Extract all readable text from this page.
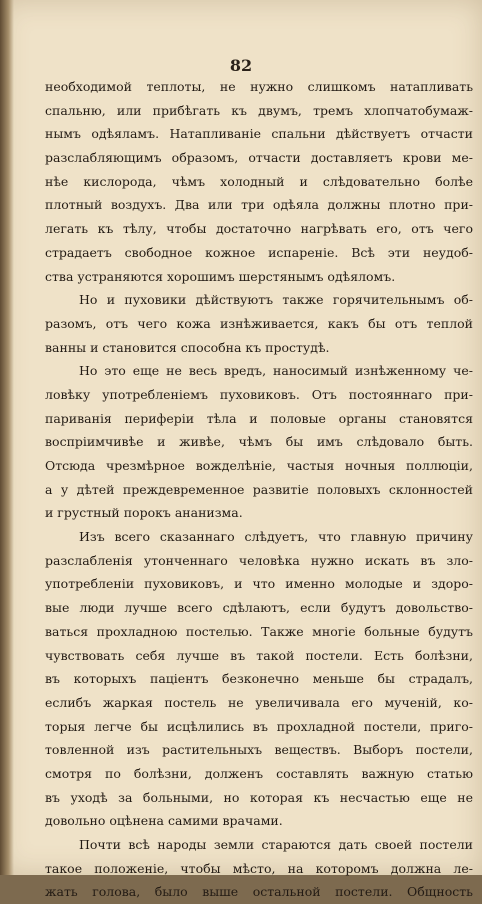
82
необходимой теплоты, не нужно слишкомъ натапливать
спальню, или прибѣгать къ двумъ, тремъ хлопчатобумаж-
нымъ одѣяламъ. Натапливаніе спальни дѣйствуетъ отчасти
разслабляющимъ образомъ, отчасти доставляетъ крови ме-
нѣе кислорода, чѣмъ холодный и слѣдовательно болѣе
плотный воздухъ. Два или три одѣяла должны плотно при-
легать къ тѣлу, чтобы достаточно нагрѣвать его, отъ чего
страдаетъ свободное кожное испареніе. Всѣ эти неудоб-
ства устраняются хорошимъ шерстянымъ одѣяломъ.
Но и пуховики дѣйствуютъ также горячительнымъ об-
разомъ, отъ чего кожа изнѣживается, какъ бы отъ теплой
ванны и становится способна къ простудѣ.
Но это еще не весь вредъ, наносимый изнѣженному че-
ловѣку употребленіемъ пуховиковъ. Отъ постояннаго при-
париванія периферіи тѣла и половые органы становятся
воспріимчивѣе и живѣе, чѣмъ бы имъ слѣдовало быть.
Отсюда чрезмѣрное вожделѣніе, частыя ночныя поллюціи,
а у дѣтей преждевременное развитіе половыхъ склонностей
и грустный порокъ ананизма.
Изъ всего сказаннаго слѣдуетъ, что главную причину
разслабленія утонченнаго человѣка нужно искать въ зло-
употребленіи пуховиковъ, и что именно молодые и здоро-
вые люди лучше всего сдѣлаютъ, если будутъ довольство-
ваться прохладною постелью. Также многіе больные будутъ
чувствовать себя лучше въ такой постели. Есть болѣзни,
въ которыхъ паціентъ безконечно меньше бы страдалъ,
еслибъ жаркая постель не увеличивала его мученій, ко-
торыя легче бы исцѣлились въ прохладной постели, приго-
товленной изъ растительныхъ веществъ. Выборъ постели,
смотря по болѣзни, долженъ составлять важную статью
въ уходѣ за больными, но которая къ несчастью еще не
довольно оцѣнена самими врачами.
Почти всѣ народы земли стараются дать своей постели
такое положеніе, чтобы мѣсто, на которомъ должна ле-
жать голова, было выше остальной постели. Общность
